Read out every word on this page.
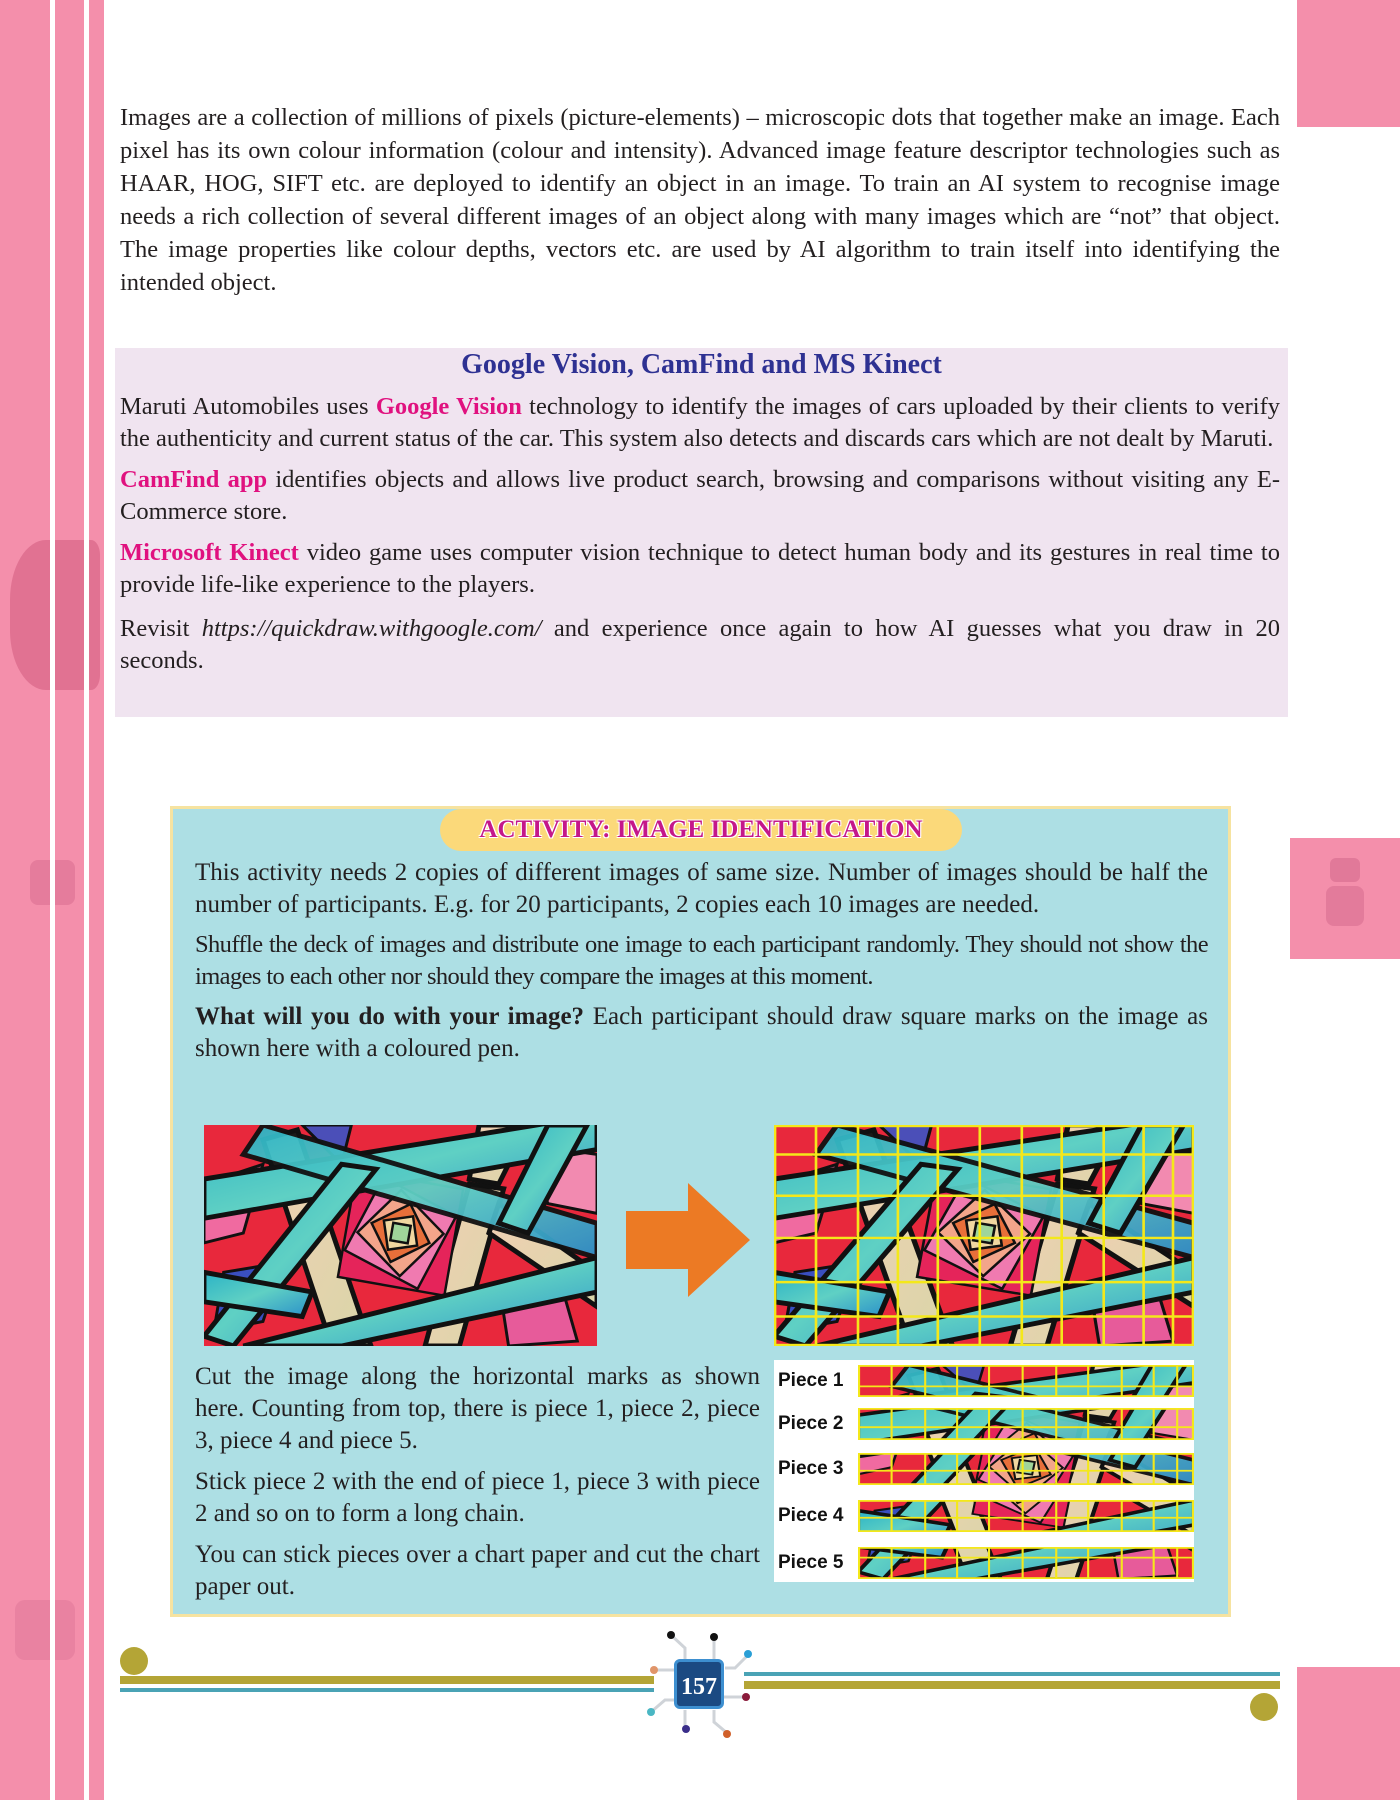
Images are a collection of millions of pixels (picture-elements) – microscopic dots that together make an image. Each pixel has its own colour information (colour and intensity). Advanced image feature descriptor technologies such as HAAR, HOG, SIFT etc. are deployed to identify an object in an image. To train an AI system to recognise image needs a rich collection of several different images of an object along with many images which are “not” that object. The image properties like colour depths, vectors etc. are used by AI algorithm to train itself into identifying the intended object.

Google Vision, CamFind and MS Kinect

Maruti Automobiles uses Google Vision technology to identify the images of cars uploaded by their clients to verify the authenticity and current status of the car. This system also detects and discards cars which are not dealt by Maruti.

CamFind app identifies objects and allows live product search, browsing and comparisons without visiting any E-Commerce store.

Microsoft Kinect video game uses computer vision technique to detect human body and its gestures in real time to provide life-like experience to the players.

Revisit https://quickdraw.withgoogle.com/ and experience once again to how AI guesses what you draw in 20 seconds.

ACTIVITY: IMAGE IDENTIFICATION

This activity needs 2 copies of different images of same size. Number of images should be half the number of participants. E.g. for 20 participants, 2 copies each 10 images are needed.

Shuffle the deck of images and distribute one image to each participant randomly. They should not show the images to each other nor should they compare the images at this moment.

What will you do with your image? Each participant should draw square marks on the image as shown here with a coloured pen.

Cut the image along the horizontal marks as shown here. Counting from top, there is piece 1, piece 2, piece 3, piece 4 and piece 5.

Stick piece 2 with the end of piece 1, piece 3 with piece 2 and so on to form a long chain.

You can stick pieces over a chart paper and cut the chart paper out.

Piece 1
Piece 2
Piece 3
Piece 4
Piece 5
157
